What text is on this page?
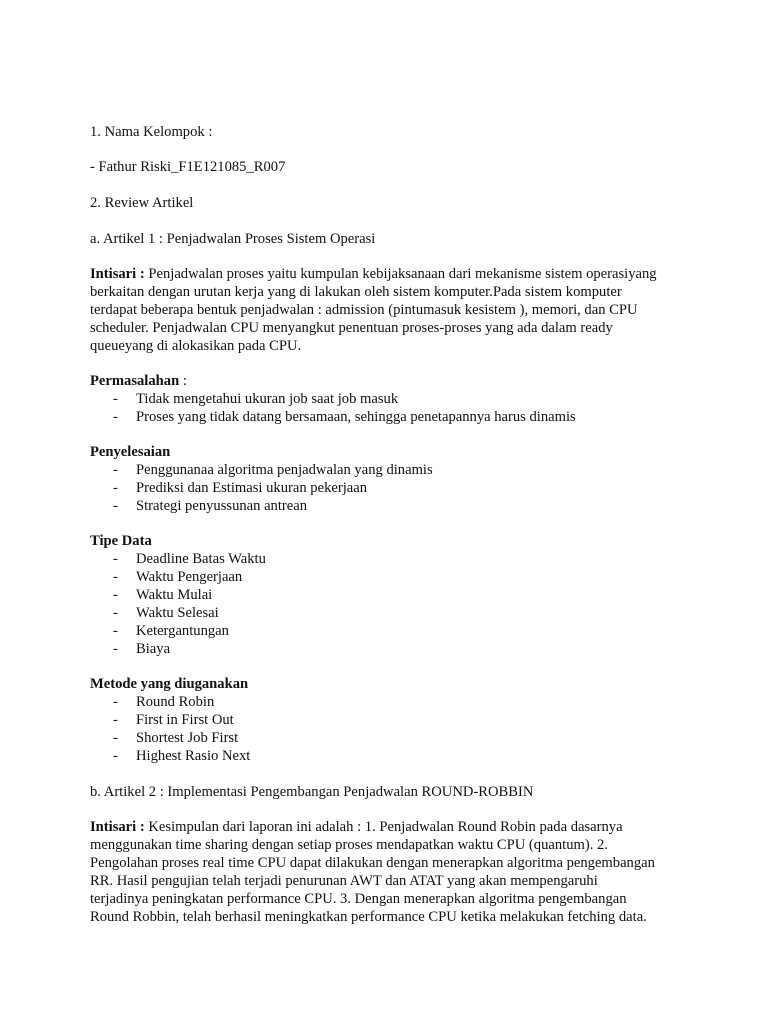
1. Nama Kelompok :
- Fathur Riski_F1E121085_R007
2. Review Artikel
a. Artikel 1 : Penjadwalan Proses Sistem Operasi
Intisari : Penjadwalan proses yaitu kumpulan kebijaksanaan dari mekanisme sistem operasiyang
berkaitan dengan urutan kerja yang di lakukan oleh sistem komputer.Pada sistem komputer
terdapat beberapa bentuk penjadwalan : admission (pintumasuk kesistem ), memori, dan CPU
scheduler. Penjadwalan CPU menyangkut penentuan proses-proses yang ada dalam ready
queueyang di alokasikan pada CPU.
Permasalahan :
- Tidak mengetahui ukuran job saat job masuk
- Proses yang tidak datang bersamaan, sehingga penetapannya harus dinamis
Penyelesaian
- Penggunanaa algoritma penjadwalan yang dinamis
- Prediksi dan Estimasi ukuran pekerjaan
- Strategi penyussunan antrean
Tipe Data
- Deadline Batas Waktu
- Waktu Pengerjaan
- Waktu Mulai
- Waktu Selesai
- Ketergantungan
- Biaya
Metode yang diuganakan
- Round Robin
- First in First Out
- Shortest Job First
- Highest Rasio Next
b. Artikel 2 : Implementasi Pengembangan Penjadwalan ROUND-ROBBIN
Intisari : Kesimpulan dari laporan ini adalah : 1. Penjadwalan Round Robin pada dasarnya
menggunakan time sharing dengan setiap proses mendapatkan waktu CPU (quantum). 2.
Pengolahan proses real time CPU dapat dilakukan dengan menerapkan algoritma pengembangan
RR. Hasil pengujian telah terjadi penurunan AWT dan ATAT yang akan mempengaruhi
terjadinya peningkatan performance CPU. 3. Dengan menerapkan algoritma pengembangan
Round Robbin, telah berhasil meningkatkan performance CPU ketika melakukan fetching data.
